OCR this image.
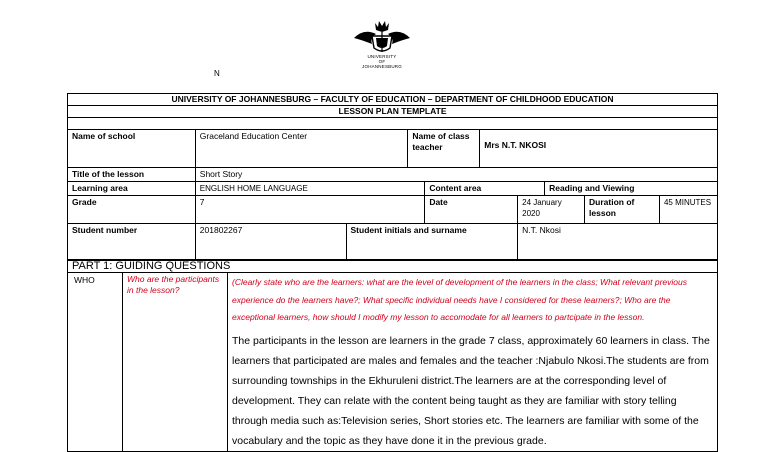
UNIVERSITY
OF
JOHANNESBURG
N
UNIVERSITY OF JOHANNESBURG – FACULTY OF EDUCATION – DEPARTMENT OF CHILDHOOD EDUCATION									
LESSON PLAN TEMPLATE									

Name of school	Graceland Education Center		Name of class teacher		Mrs N.T. NKOSI				
Title of the lesson	Short Story								
Learning area	ENGLISH HOME LANGUAGE			Content area			Reading and Viewing		
Grade	7			Date		24 January 2020		Duration of lesson	45 MINUTES
Student number	201802267	Student initials and surname				N.T. Nkosi			
PART 1: GUIDING QUESTIONS
WHO	Who are the participants in the lesson?	
(Clearly state who are the learners: what are the level of development of the learners in the class; What relevant previous experience do the learners have?; What specific individual needs have I considered for these learners?; Who are the exceptional learners, how should I modify my lesson to accomodate for all learners to partcipate in the lesson.
The participants in the lesson are learners in the grade 7 class, approximately 60 learners in class. The learners that participated are males and females and the teacher :Njabulo Nkosi.The students are from surrounding townships in the Ekhuruleni district.The learners are at the corresponding level of development. They can relate with the content being taught as they are familiar with story telling through media such as:Television series, Short stories etc. The learners are familiar with some of the vocabulary and the topic as they have done it in the previous grade.
